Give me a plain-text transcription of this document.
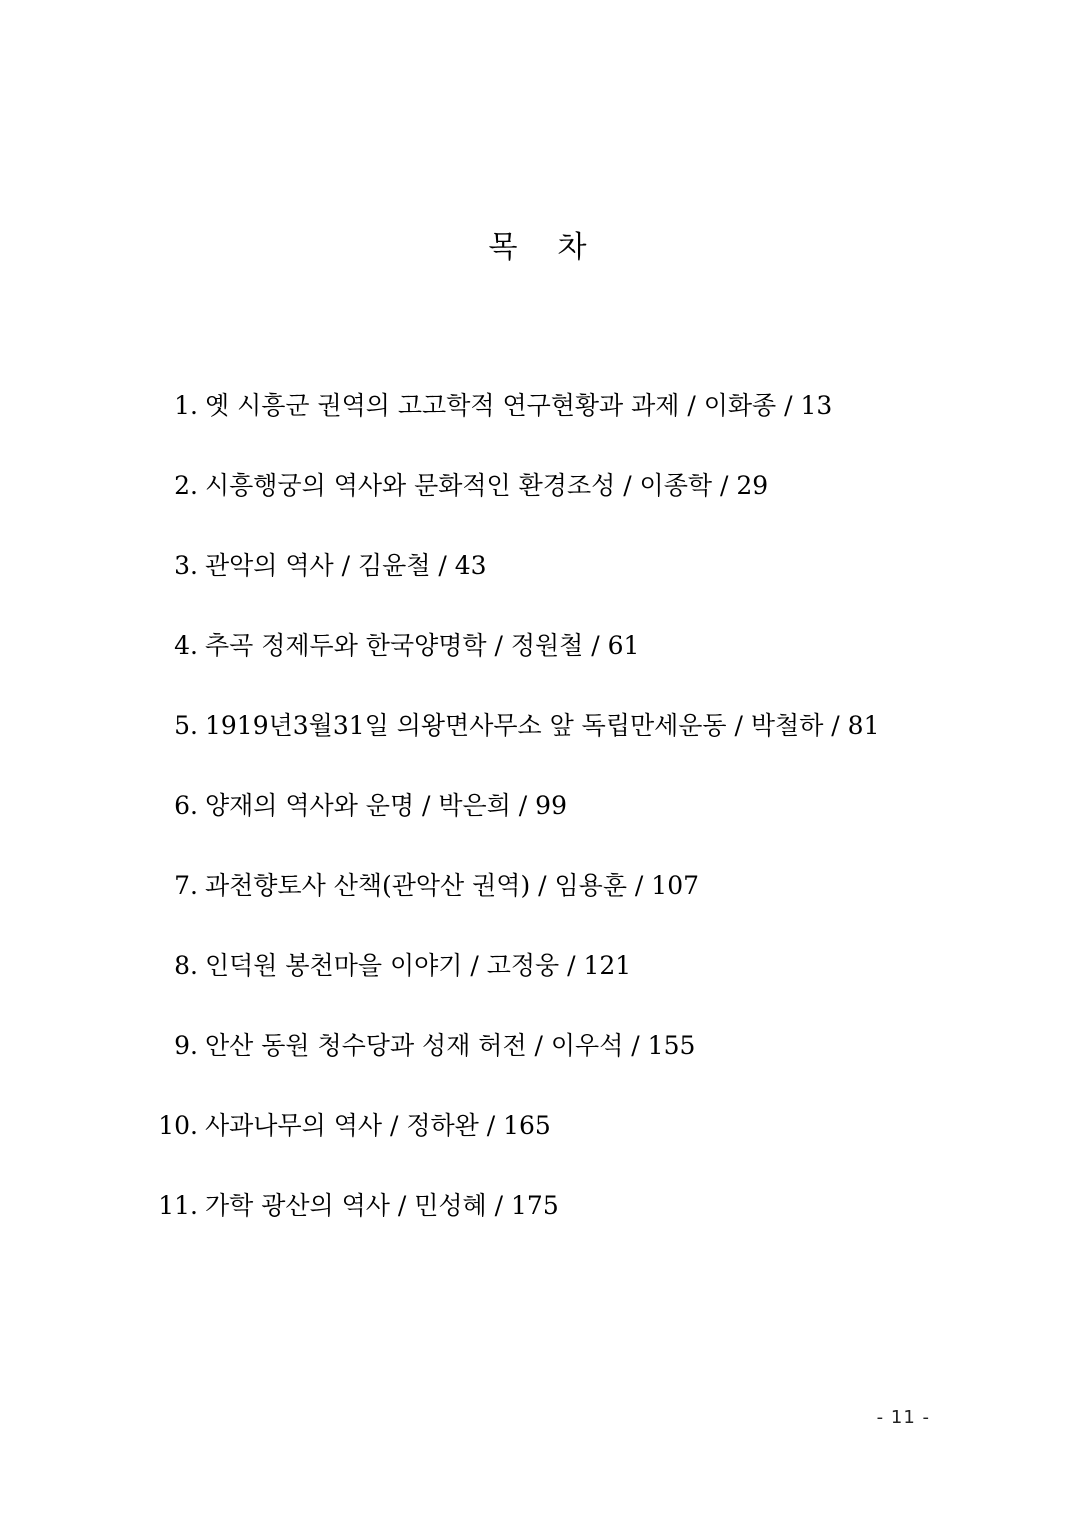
목 차
1. 옛 시흥군 권역의 고고학적 연구현황과 과제 / 이화종 / 13
2. 시흥행궁의 역사와 문화적인 환경조성 / 이종학 / 29
3. 관악의 역사 / 김윤철 / 43
4. 추곡 정제두와 한국양명학 / 정원철 / 61
5. 1919년3월31일 의왕면사무소 앞 독립만세운동 / 박철하 / 81
6. 양재의 역사와 운명 / 박은희 / 99
7. 과천향토사 산책(관악산 권역) / 임용훈 / 107
8. 인덕원 봉천마을 이야기 / 고정웅 / 121
9. 안산 동원 청수당과 성재 허전 / 이우석 / 155
10. 사과나무의 역사 / 정하완 / 165
11. 가학 광산의 역사 / 민성혜 / 175
- 11 -
